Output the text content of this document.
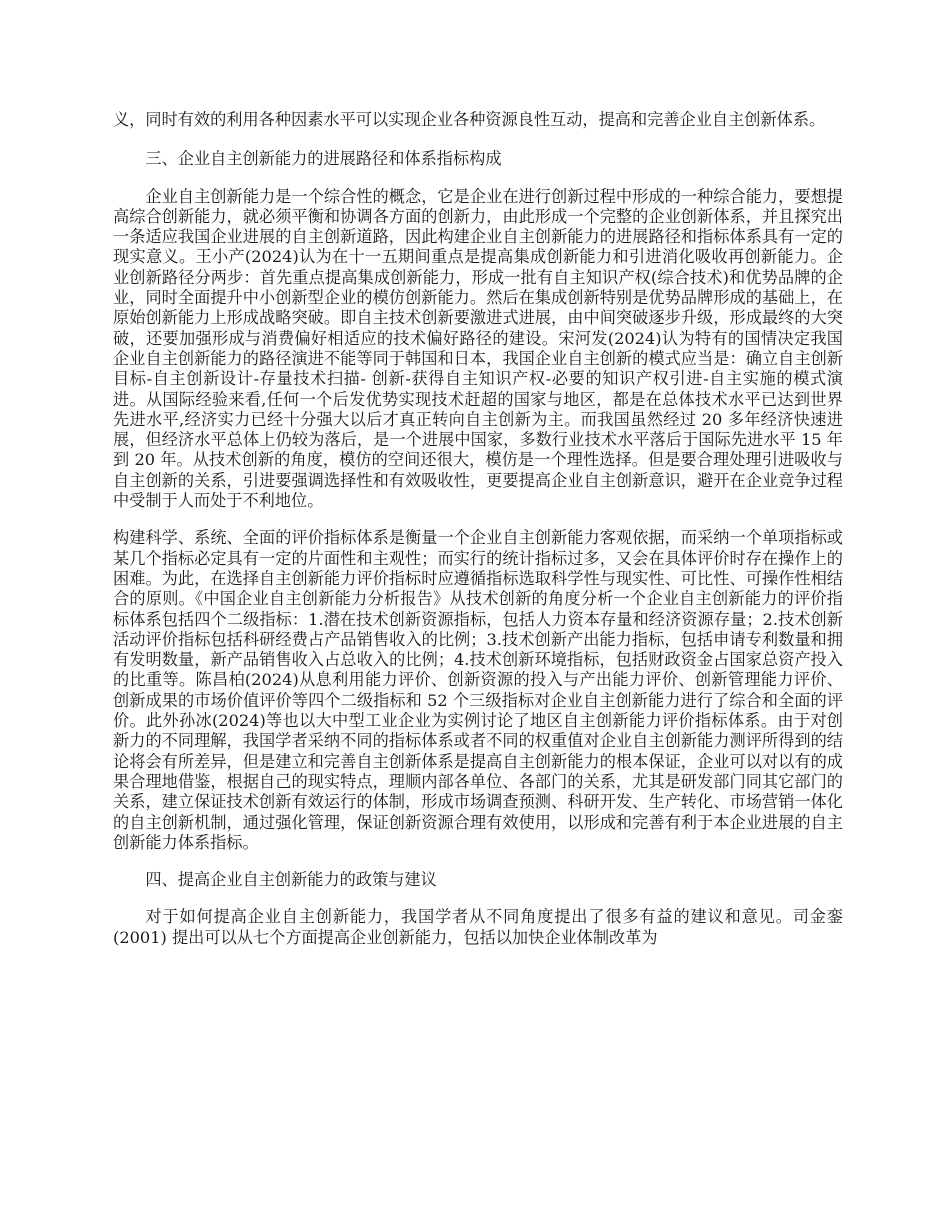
义，同时有效的利用各种因素水平可以实现企业各种资源良性互动，提高和完善企业自主创新体系。

三、企业自主创新能力的进展路径和体系指标构成

企业自主创新能力是一个综合性的概念，它是企业在进行创新过程中形成的一种综合能力，要想提高综合创新能力，就必须平衡和协调各方面的创新力，由此形成一个完整的企业创新体系，并且探究出一条适应我国企业进展的自主创新道路，因此构建企业自主创新能力的进展路径和指标体系具有一定的现实意义。王小产(2024)认为在十一五期间重点是提高集成创新能力和引进消化吸收再创新能力。企业创新路径分两步：首先重点提高集成创新能力，形成一批有自主知识产权(综合技术)和优势品牌的企业，同时全面提升中小创新型企业的模仿创新能力。然后在集成创新特别是优势品牌形成的基础上，在原始创新能力上形成战略突破。即自主技术创新要激进式进展，由中间突破逐步升级，形成最终的大突破，还要加强形成与消费偏好相适应的技术偏好路径的建设。宋河发(2024)认为特有的国情决定我国企业自主创新能力的路径演进不能等同于韩国和日本，我国企业自主创新的模式应当是：确立自主创新目标-自主创新设计-存量技术扫描- 创新-获得自主知识产权-必要的知识产权引进-自主实施的模式演进。从国际经验来看,任何一个后发优势实现技术赶超的国家与地区，都是在总体技术水平已达到世界先进水平,经济实力已经十分强大以后才真正转向自主创新为主。而我国虽然经过 20 多年经济快速进展，但经济水平总体上仍较为落后，是一个进展中国家，多数行业技术水平落后于国际先进水平 15 年到 20 年。从技术创新的角度，模仿的空间还很大，模仿是一个理性选择。但是要合理处理引进吸收与自主创新的关系，引进要强调选择性和有效吸收性，更要提高企业自主创新意识，避开在企业竞争过程中受制于人而处于不利地位。

构建科学、系统、全面的评价指标体系是衡量一个企业自主创新能力客观依据，而采纳一个单项指标或某几个指标必定具有一定的片面性和主观性；而实行的统计指标过多，又会在具体评价时存在操作上的困难。为此，在选择自主创新能力评价指标时应遵循指标选取科学性与现实性、可比性、可操作性相结合的原则。《中国企业自主创新能力分析报告》从技术创新的角度分析一个企业自主创新能力的评价指标体系包括四个二级指标：1.潜在技术创新资源指标，包括人力资本存量和经济资源存量；2.技术创新活动评价指标包括科研经费占产品销售收入的比例；3.技术创新产出能力指标，包括申请专利数量和拥有发明数量，新产品销售收入占总收入的比例；4.技术创新环境指标，包括财政资金占国家总资产投入的比重等。陈昌柏(2024)从息利用能力评价、创新资源的投入与产出能力评价、创新管理能力评价、创新成果的市场价值评价等四个二级指标和 52 个三级指标对企业自主创新能力进行了综合和全面的评价。此外孙冰(2024)等也以大中型工业企业为实例讨论了地区自主创新能力评价指标体系。由于对创新力的不同理解，我国学者采纳不同的指标体系或者不同的权重值对企业自主创新能力测评所得到的结论将会有所差异，但是建立和完善自主创新体系是提高自主创新能力的根本保证，企业可以对以有的成果合理地借鉴，根据自己的现实特点，理顺内部各单位、各部门的关系，尤其是研发部门同其它部门的关系，建立保证技术创新有效运行的体制，形成市场调查预测、科研开发、生产转化、市场营销一体化的自主创新机制，通过强化管理，保证创新资源合理有效使用，以形成和完善有利于本企业进展的自主创新能力体系指标。

四、提高企业自主创新能力的政策与建议

对于如何提高企业自主创新能力，我国学者从不同角度提出了很多有益的建议和意见。司金銮(2001) 提出可以从七个方面提高企业创新能力，包括以加快企业体制改革为
